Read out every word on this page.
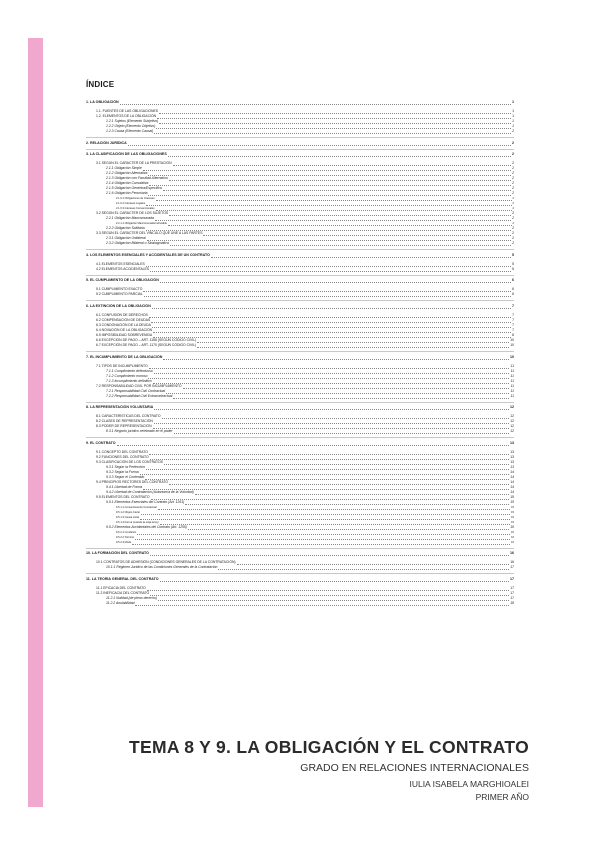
ÍNDICE
1. LA OBLIGACIÓN	1
1.1. FUENTES DE LAS OBLIGACIONES	1
1.2. ELEMENTOS DE LA OBLIGACIÓN	1
1.2.1 Sujetos (Elemento Subjetivo)	1
1.2.2 Objeto (Elemento Objetivo)	1
1.2.3 Causa (Elemento Causal)	2
2. RELACIÓN JURÍDICA	2
3. LA CLASIFICACIÓN DE LAS OBLIGACIONES	2
3.1 SEGÚN EL CARÁCTER DE LA PRESTACIÓN	2
2.1.1 Obligación Simple	2
2.1.2 Obligación Alternativa	2
2.1.3 Obligación con Facultad Alternativa	2
2.1.4 Obligación Cumulativa	2
2.1.5 Obligación Genérica/Específica	2
2.1.6 Obligación Pecuniaria	2
2.1.6.1 Obligaciones de Intereses	2
2.1.6.2 Intereses Legales	2
2.1.6.3 Intereses Convencionales	2
3.2 SEGÚN EL CARÁCTER DE LOS SUJETOS	2
2.2.1 Obligación Mancomunada	2
2.2.1.1 Obligación Mancomunada Indivisible	2
2.2.2 Obligación Solidaria	2
3.3 SEGÚN EL CARÁCTER DEL VÍNCULO QUE UNE A LAS PARTES	2
2.3.1 Obligación Unilateral	2
2.3.2 Obligación Bilateral o Sinalagmática	2
4. LOS ELEMENTOS ESENCIALES Y ACCIDENTALES DE UN CONTRATO	5
4.1 ELEMENTOS ESENCIALES	5
4.2 ELEMENTOS ACCIDENTALES	5
5. EL CUMPLIMIENTO DE LA OBLIGACIÓN	6
5.1 CUMPLIMIENTO EXACTO	6
5.2 CUMPLIMIENTO PARCIAL	6
6. LA EXTINCIÓN DE LA OBLIGACIÓN	7
6.1 CONFUSIÓN DE DERECHOS	7
6.2 COMPENSACIÓN DE DEUDAS	7
6.3 CONDONACIÓN DE LA DEUDA	7
6.4 NOVACIÓN DE LA OBLIGACIÓN	7
6.5 IMPOSIBILIDAD SOBREVENIDA	8
6.6 EXCEPCIÓN DE PAGO – ART. 1156 (SEGÚN CÓDIGO CIVIL)	10
6.7 EXCEPCIÓN DE PAGO – ART. 1170 (SEGÚN CÓDIGO CIVIL)	10
7. EL INCUMPLIMIENTO DE LA OBLIGACIÓN	10
7.1 TIPOS DE INCUMPLIMIENTO	11
7.1.1 Cumplimiento defectuoso	11
7.1.2 Cumplimiento moroso	11
7.1.3 Incumplimiento definitivo	11
7.2 RESPONSABILIDAD CIVIL POR INCUMPLIMIENTO	11
7.2.1 Responsabilidad Civil Contractual	11
7.2.2 Responsabilidad Civil Extracontractual	11
8. LA REPRESENTACIÓN VOLUNTARIA	12
8.1 CARACTERÍSTICAS DEL CONTRATO	12
8.2 CLASES DE REPRESENTACIÓN	12
8.3 PODER DE REPRESENTACIÓN	12
8.3.1 Negocio jurídico celebrado en el poder	12
9. EL CONTRATO	13
9.1 CONCEPTO DEL CONTRATO	13
9.2 FUNCIONES DEL CONTRATO	13
9.3 CLASIFICACIÓN DE LOS CONTRATOS	13
9.3.1 Según la Perfección	13
9.3.2 Según la Forma	14
9.3.3 Según el Contenido	14
9.4 PRINCIPIOS RECTORES DEL CONTRATO	14
9.4.1 Libertad de Forma	14
9.4.2 Libertad de Contratación (Autonomía de la Voluntad)	14
9.5 ELEMENTOS DEL CONTRATO	15
9.5.1 Elementos Esenciales del Contrato (Art. 1261)	15
9.5.1.1 Consentimiento Contractual	15
9.5.1.2 Objeto Cierto	15
9.5.1.3 Causa Lícita	15
9.5.1.4 Forma (cuando la exija la ley)	15
9.5.2 Elementos Accidentales del Contrato (Art. 1255)	16
9.5.2.1 Condición	16
9.5.2.2 Término	16
9.5.2.3 Modo	16
10. LA FORMACIÓN DEL CONTRATO	16
10.1 CONTRATOS DE ADHESIÓN (CONDICIONES GENERALES DE LA CONTRATACIÓN)	16
10.1.1 Régimen Jurídico de las Condiciones Generales de la Contratación	17
11. LA TEORÍA GENERAL DEL CONTRATO	17
11.1 EFICACIA DEL CONTRATO	17
11.2 INEFICACIA DEL CONTRATO	17
11.2.1 Nulidad (de pleno derecho)	17
11.2.2 Anulabilidad	18
TEMA 8 Y 9. LA OBLIGACIÓN Y EL CONTRATO
GRADO EN RELACIONES INTERNACIONALES
IULIA ISABELA MARGHIOALEI
PRIMER AÑO
